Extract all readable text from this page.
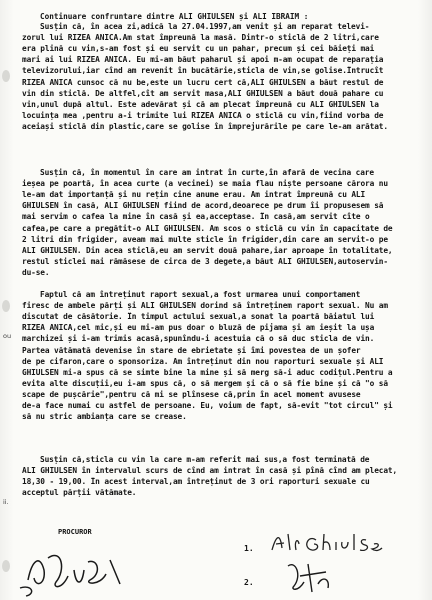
ou
ii.
Continuare confruntare dintre ALI GHIULSEN și ALI IBRAIM :
Susțin că, în acea zi,adică la 27.04.1997,am venit și am reparat televi-
zorul lui RIZEA ANICA.Am stat împreună la masă. Dintr-o sticlă de 2 litri,care
era plină cu vin,s-am fost și eu servit cu un pahar, precum și cei băieți mai
mari ai lui RIZEA ANICA. Eu mi-am băut paharul și apoi m-am ocupat de reparația
televizorului,iar cînd am revenit în bucătărie,sticla de vin,se golise.Întrucît
RIZEA ANICA cunsoc că nu be,este un lucru cert că,ALI GHIULSEN a băut restul de
vin din sticlă. De altfel,cît am servit masa,ALI GHIULSEN a băut două pahare cu
vin,unul după altul. Este adevărat și că am plecat împreună cu ALI GHIULSEN la
locuința mea ,pentru a-i trimite lui RIZEA ANICA o sticlă cu vin,fiind vorba de
aceiași sticlă din plastic,care se golise în împrejurările pe care le-am arătat.
Susțin că, în momentul în care am intrat în curte,în afară de vecina care
ieșea pe poartă, în acea curte (a vecinei) se maia flau niște persoane cărora nu
le-am dat importanță și nu rețin cine anume erau. Am intrat împreună cu ALI
GHIULSEN în casă, ALI GHIULSEN fiind de acord,deoarece pe drum îi propusesem să
mai servim o cafea la mine în casă și ea,acceptase. În casă,am servit cîte o
cafea,pe care a pregătit-o ALI GHIULSEN. Am scos o sticlă cu vin în capacitate de
2 litri din frigider, aveam mai multe sticle în frigider,din care am servit-o pe
ALI GHIULSEN. Din acea sticlă,eu am servit două pahare,iar aproape în totalitate,
restul sticlei mai rămăsese de circa de 3 degete,a băut ALI GHIULSEN,autoservin-
du-se.
Faptul că am întreținut raport sexual,a fost urmarea unui comportament
firesc de ambele părți și ALI GHIULSEN dorind să întreținem raport sexual. Nu am
discutat de căsătorie. În timpul actului sexual,a sonat la poartă băiatul lui
RIZEA ANICA,cel mic,și eu mi-am pus doar o bluză de pijama și am ieșit la ușa
marchizei și i-am trimis acasă,spunîndu-i acestuia că o să duc sticla de vin.
Partea vătămată devenise în stare de ebrietate și îmi povestea de un șofer
de pe cifaron,care o sponsoriza. Am întreținut din nou raporturi sexuale și ALI
GHIULSEN mi-a spus că se simte bine la mine și să merg să-i aduc codițul.Pentru a
evita alte discuții,eu i-am spus că, o să mergem și că o să fie bine și că "o să
scape de pușcărie",pentru că mi se plînsese că,prin în acel moment avusese
de-a face numai cu astfel de persoane. Eu, voium de fapt, să-evit "tot circul" și
să nu stric ambianța care se crease.
Susțin că,sticla cu vin la care m-am referit mai sus,a fost terminată de
ALI GHIULSEN în intervalul scurs de cînd am intrat în casă și pînă cînd am plecat,
18,30 - 19,00. În acest interval,am întreținut de 3 ori raporturi sexuale cu
acceptul părții vătămate.
PROCUROR
1.
2.
